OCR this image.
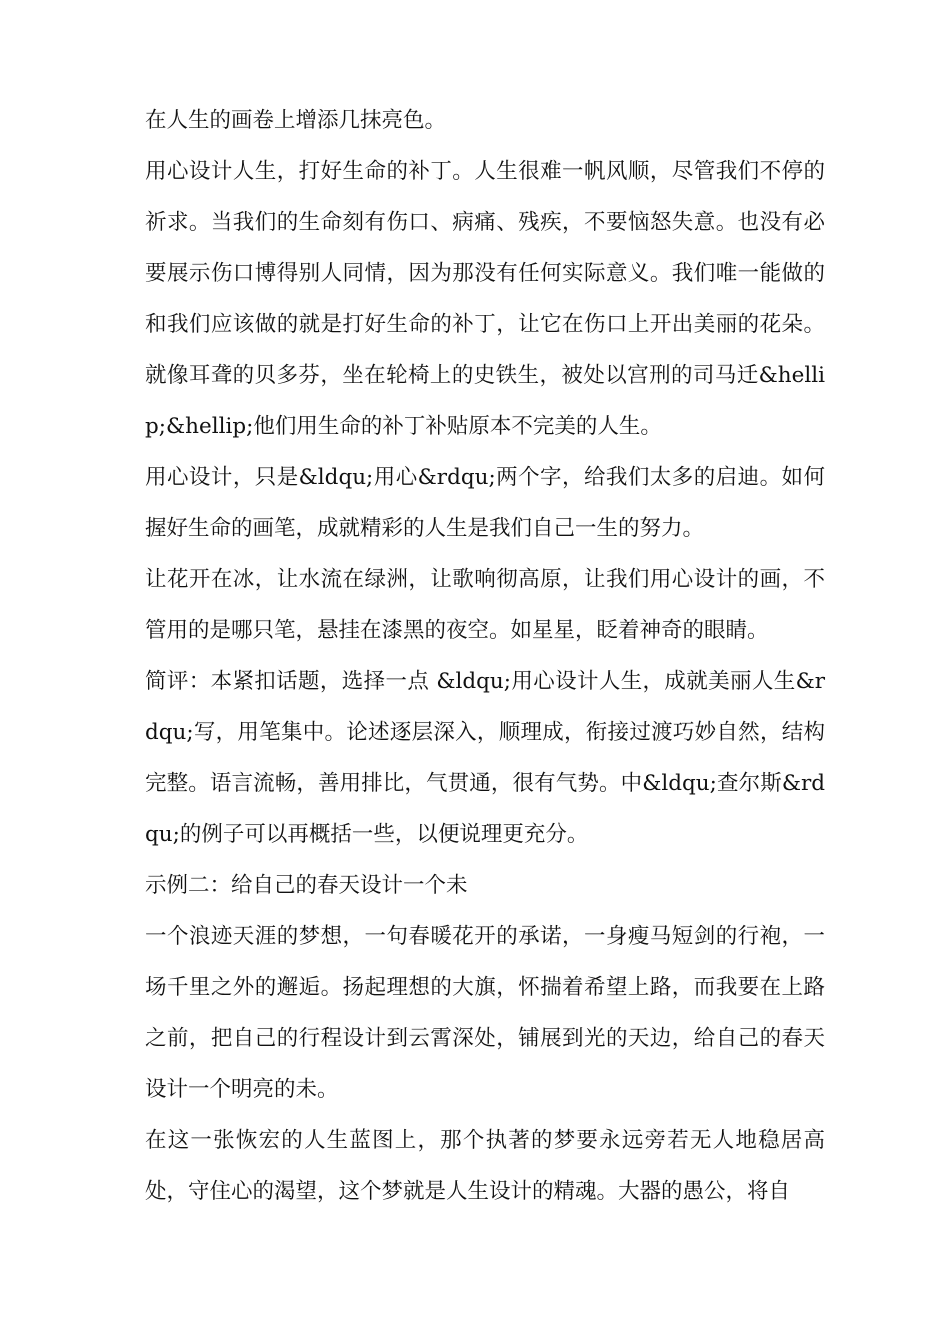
在人生的画卷上增添几抹亮色。

用心设计人生，打好生命的补丁。人生很难一帆风顺，尽管我们不停的祈求。当我们的生命刻有伤口、病痛、残疾，不要恼怒失意。也没有必要展示伤口博得别人同情，因为那没有任何实际意义。我们唯一能做的和我们应该做的就是打好生命的补丁，让它在伤口上开出美丽的花朵。就像耳聋的贝多芬，坐在轮椅上的史铁生，被处以宫刑的司马迁&hellip;&hellip;他们用生命的补丁补贴原本不完美的人生。

用心设计，只是&ldqu;用心&rdqu;两个字，给我们太多的启迪。如何握好生命的画笔，成就精彩的人生是我们自己一生的努力。

让花开在冰，让水流在绿洲，让歌响彻高原，让我们用心设计的画，不管用的是哪只笔，悬挂在漆黑的夜空。如星星，眨着神奇的眼睛。

简评：本紧扣话题，选择一点 &ldqu;用心设计人生，成就美丽人生&rdqu;写，用笔集中。论述逐层深入，顺理成，衔接过渡巧妙自然，结构完整。语言流畅，善用排比，气贯通，很有气势。中&ldqu;查尔斯&rdqu;的例子可以再概括一些，以便说理更充分。

示例二：给自己的春天设计一个未

一个浪迹天涯的梦想，一句春暖花开的承诺，一身瘦马短剑的行袍，一场千里之外的邂逅。扬起理想的大旗，怀揣着希望上路，而我要在上路之前，把自己的行程设计到云霄深处，铺展到光的天边，给自己的春天设计一个明亮的未。

在这一张恢宏的人生蓝图上，那个执著的梦要永远旁若无人地稳居高处，守住心的渴望，这个梦就是人生设计的精魂。大器的愚公，将自
